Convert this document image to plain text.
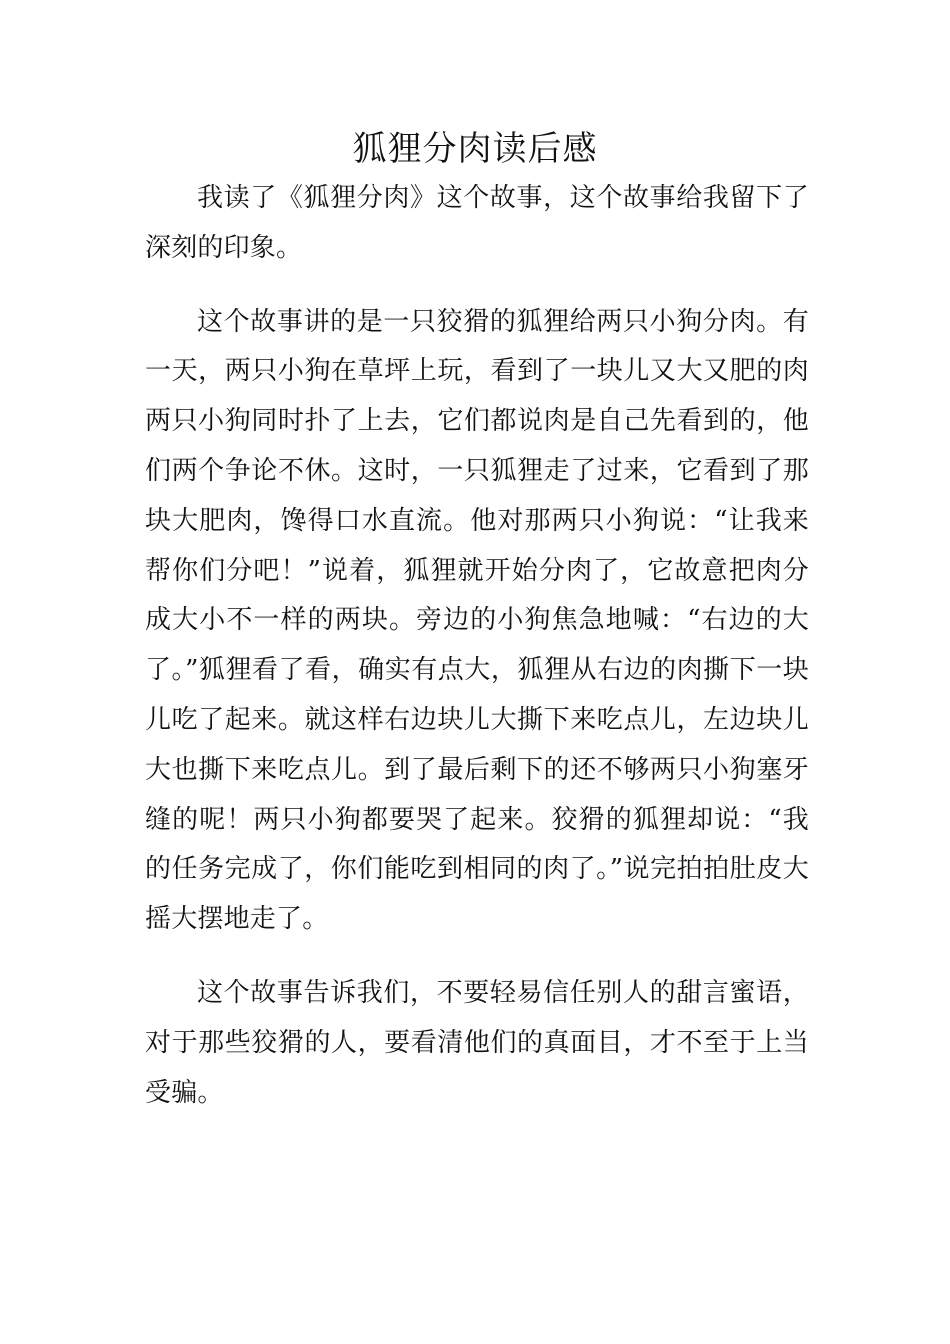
狐狸分肉读后感

我读了《狐狸分肉》这个故事，这个故事给我留下了深刻的印象。

这个故事讲的是一只狡猾的狐狸给两只小狗分肉。有一天，两只小狗在草坪上玩，看到了一块儿又大又肥的肉两只小狗同时扑了上去，它们都说肉是自己先看到的，他们两个争论不休。这时，一只狐狸走了过来，它看到了那块大肥肉，馋得口水直流。他对那两只小狗说：“让我来帮你们分吧！”说着，狐狸就开始分肉了，它故意把肉分成大小不一样的两块。旁边的小狗焦急地喊：“右边的大了。”狐狸看了看，确实有点大，狐狸从右边的肉撕下一块儿吃了起来。就这样右边块儿大撕下来吃点儿，左边块儿大也撕下来吃点儿。到了最后剩下的还不够两只小狗塞牙缝的呢！两只小狗都要哭了起来。狡猾的狐狸却说：“我的任务完成了，你们能吃到相同的肉了。”说完拍拍肚皮大摇大摆地走了。

这个故事告诉我们，不要轻易信任别人的甜言蜜语，对于那些狡猾的人，要看清他们的真面目，才不至于上当受骗。
